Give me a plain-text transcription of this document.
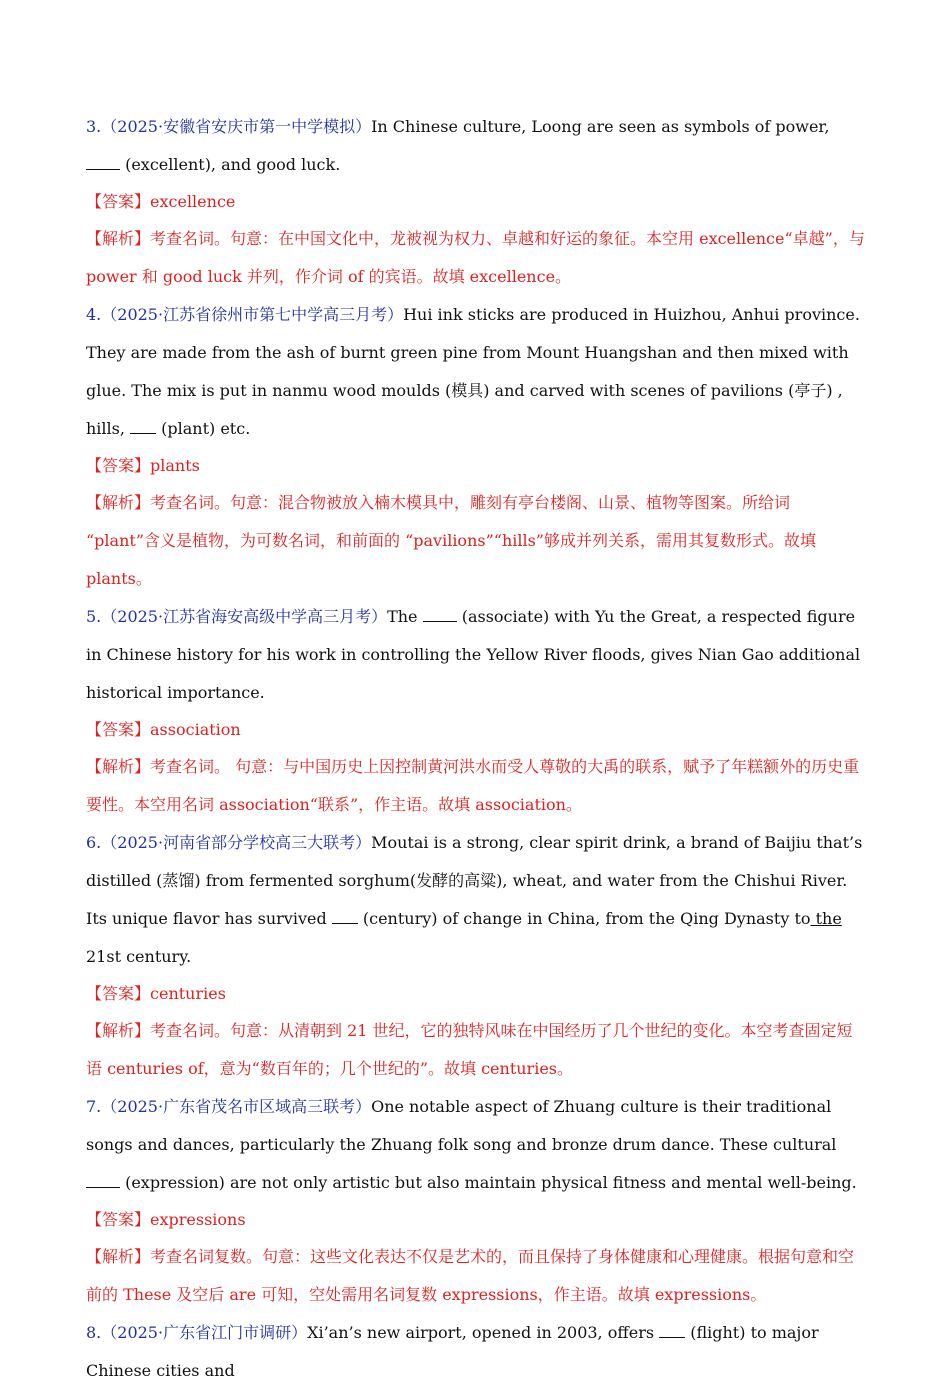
3.（2025·安徽省安庆市第一中学模拟）In Chinese culture, Loong are seen as symbols of power,  (excellent), and good luck.

【答案】excellence

【解析】考查名词。句意：在中国文化中，龙被视为权力、卓越和好运的象征。本空用 excellence“卓越”，与 power 和 good luck 并列，作介词 of 的宾语。故填 excellence。

4.（2025·江苏省徐州市第七中学高三月考）Hui ink sticks are produced in Huizhou, Anhui province. They are made from the ash of burnt green pine from Mount Huangshan and then mixed with glue. The mix is put in nanmu wood moulds (模具) and carved with scenes of pavilions (亭子) , hills,  (plant) etc.

【答案】plants

【解析】考查名词。句意：混合物被放入楠木模具中，雕刻有亭台楼阁、山景、植物等图案。所给词 “plant”含义是植物，为可数名词，和前面的 “pavilions”“hills”够成并列关系，需用其复数形式。故填 plants。

5.（2025·江苏省海安高级中学高三月考）The  (associate) with Yu the Great, a respected figure in Chinese history for his work in controlling the Yellow River floods, gives Nian Gao additional historical importance.

【答案】association

【解析】考查名词。 句意：与中国历史上因控制黄河洪水而受人尊敬的大禹的联系，赋予了年糕额外的历史重要性。本空用名词 association“联系”，作主语。故填 association。

6.（2025·河南省部分学校高三大联考）Moutai is a strong, clear spirit drink, a brand of Baijiu that’s distilled (蒸馏) from fermented sorghum(发酵的高粱), wheat, and water from the Chishui River. Its unique flavor has survived  (century) of change in China, from the Qing Dynasty to the 21st century.

【答案】centuries

【解析】考查名词。句意：从清朝到 21 世纪，它的独特风味在中国经历了几个世纪的变化。本空考查固定短语 centuries of，意为“数百年的；几个世纪的”。故填 centuries。

7.（2025·广东省茂名市区域高三联考）One notable aspect of Zhuang culture is their traditional songs and dances, particularly the Zhuang folk song and bronze drum dance. These cultural  (expression) are not only artistic but also maintain physical fitness and mental well-being.

【答案】expressions

【解析】考查名词复数。句意：这些文化表达不仅是艺术的，而且保持了身体健康和心理健康。根据句意和空前的 These 及空后 are 可知，空处需用名词复数 expressions，作主语。故填 expressions。

8.（2025·广东省江门市调研）Xi’an’s new airport, opened in 2003, offers  (flight) to major Chinese cities and
